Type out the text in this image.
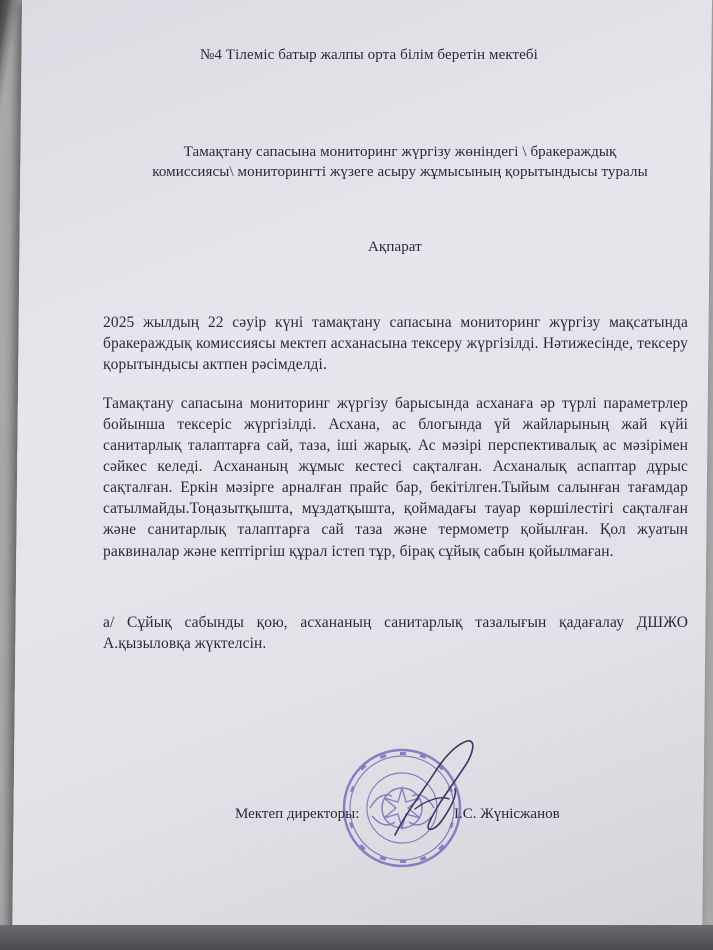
№4 Тілеміс батыр жалпы орта білім беретін мектебі
Тамақтану сапасына мониторинг жүргізу жөніндегі \ бракераждық
комиссиясы\ мониторингті жүзеге асыру жұмысының қорытындысы туралы
Ақпарат
2025 жылдың 22 сәуір күні тамақтану сапасына мониторинг жүргізу мақсатында бракераждық комиссиясы мектеп асханасына тексеру жүргізілді. Нәтижесінде, тексеру қорытындысы актпен рәсімделді.
Тамақтану сапасына мониторинг жүргізу барысында асханаға әр түрлі параметрлер бойынша тексеріс жүргізілді. Асхана, ас блогында үй жайларының жай күйі санитарлық талаптарға сай, таза, іші жарық. Ас мәзірі перспективалық ас мәзірімен сәйкес келеді. Асхананың жұмыс кестесі сақталған. Асханалық аспаптар дұрыс сақталған. Еркін мәзірге арналған прайс бар, бекітілген.Тыйым салынған тағамдар сатылмайды.Тоңазытқышта, мұздатқышта, қоймадағы тауар көршілестігі сақталған және санитарлық талаптарға сай таза және термометр қойылған. Қол жуатын раквиналар және кептіргіш құрал істеп тұр, бірақ сұйық сабын қойылмаған.
а/ Сұйық сабынды қою, асхананың санитарлық тазалығын қадағалау ДШЖО А.қызыловқа жүктелсін.
Мектеп директоры:	І.С. Жүнісжанов
